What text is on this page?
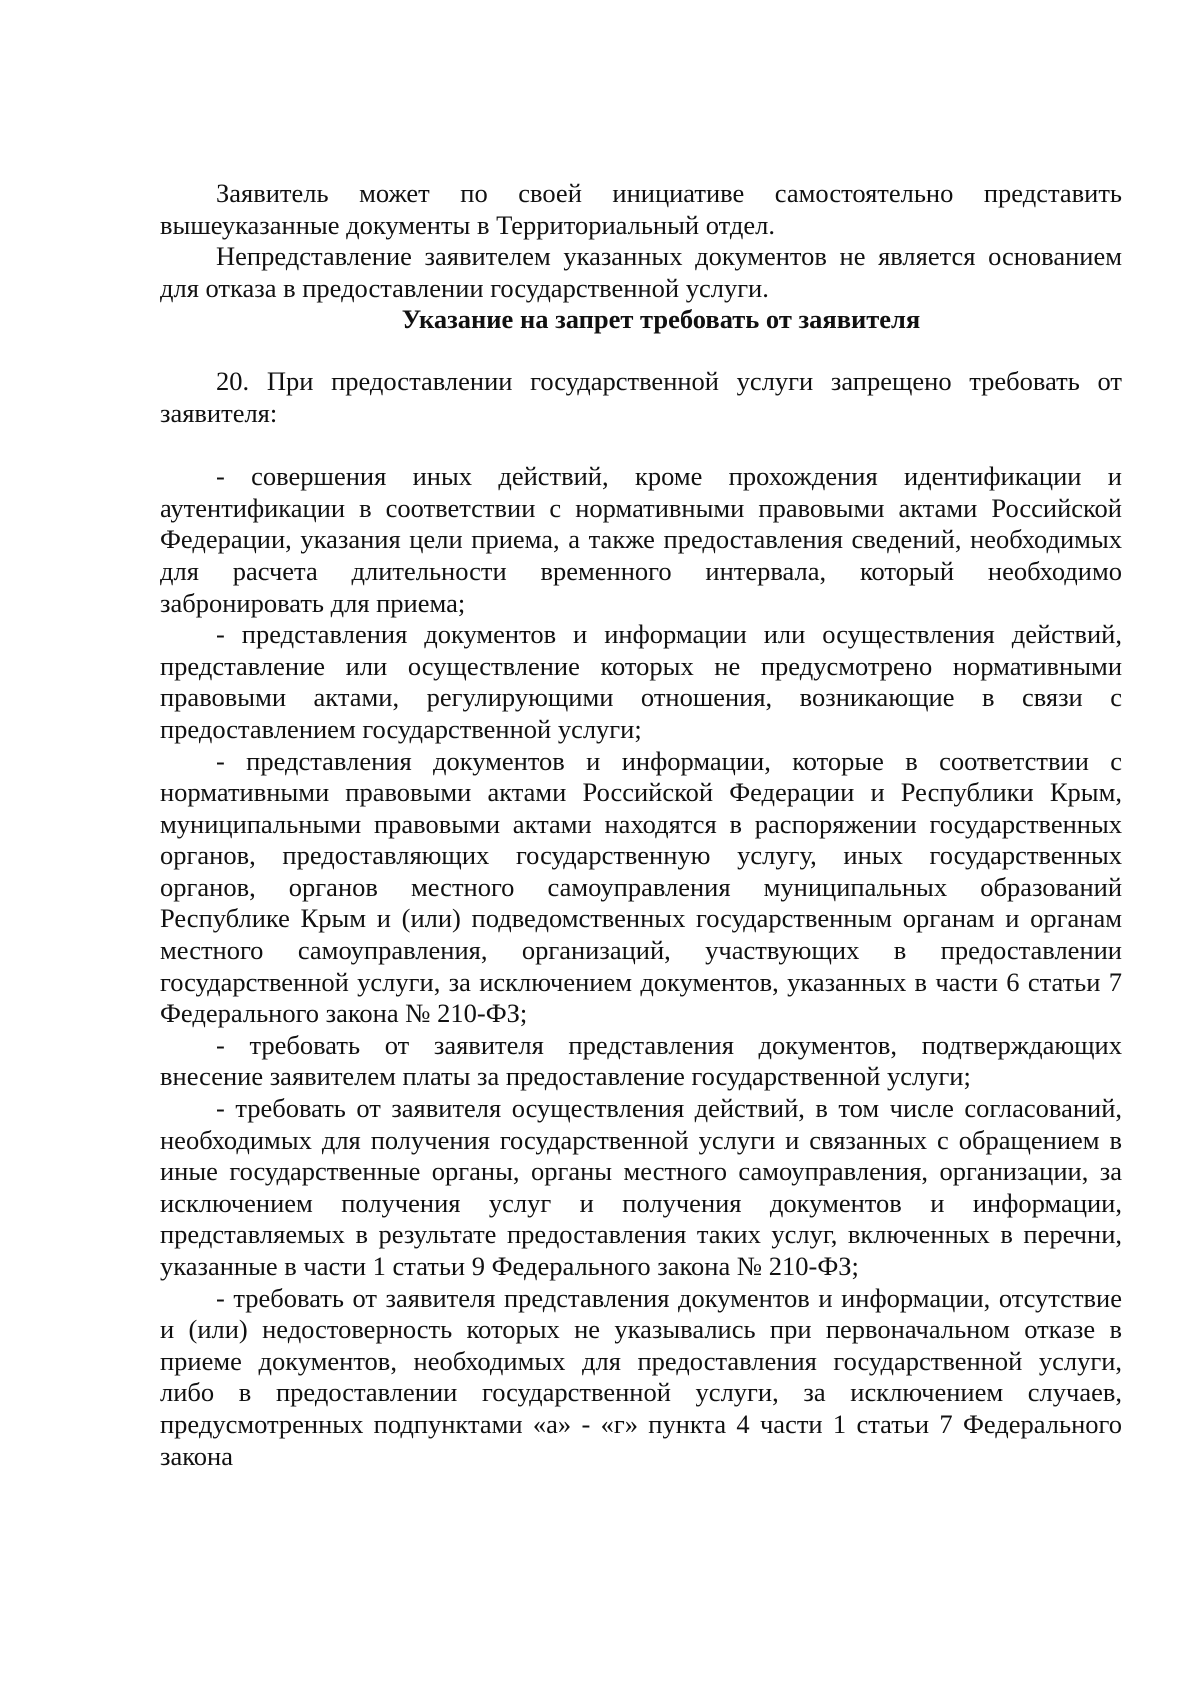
Заявитель может по своей инициативе самостоятельно представить вышеуказанные документы в Территориальный отдел.

Непредставление заявителем указанных документов не является основанием для отказа в предоставлении государственной услуги.

Указание на запрет требовать от заявителя

20. При предоставлении государственной услуги запрещено требовать от заявителя:

- совершения иных действий, кроме прохождения идентификации и аутентификации в соответствии с нормативными правовыми актами Российской Федерации, указания цели приема, а также предоставления сведений, необходимых для расчета длительности временного интервала, который необходимо забронировать для приема;

- представления документов и информации или осуществления действий, представление или осуществление которых не предусмотрено нормативными правовыми актами, регулирующими отношения, возникающие в связи с предоставлением государственной услуги;

- представления документов и информации, которые в соответствии с нормативными правовыми актами Российской Федерации и Республики Крым, муниципальными правовыми актами находятся в распоряжении государственных органов, предоставляющих государственную услугу, иных государственных органов, органов местного самоуправления муниципальных образований Республике Крым и (или) подведомственных государственным органам и органам местного самоуправления, организаций, участвующих в предоставлении государственной услуги, за исключением документов, указанных в части 6 статьи 7 Федерального закона № 210-ФЗ;

- требовать от заявителя представления документов, подтверждающих внесение заявителем платы за предоставление государственной услуги;

- требовать от заявителя осуществления действий, в том числе согласований, необходимых для получения государственной услуги и связанных с обращением в иные государственные органы, органы местного самоуправления, организации, за исключением получения услуг и получения документов и информации, представляемых в результате предоставления таких услуг, включенных в перечни, указанные в части 1 статьи 9 Федерального закона № 210-ФЗ;

- требовать от заявителя представления документов и информации, отсутствие и (или) недостоверность которых не указывались при первоначальном отказе в приеме документов, необходимых для предоставления государственной услуги, либо в предоставлении государственной услуги, за исключением случаев, предусмотренных подпунктами «а» - «г» пункта 4 части 1 статьи 7 Федерального закона
